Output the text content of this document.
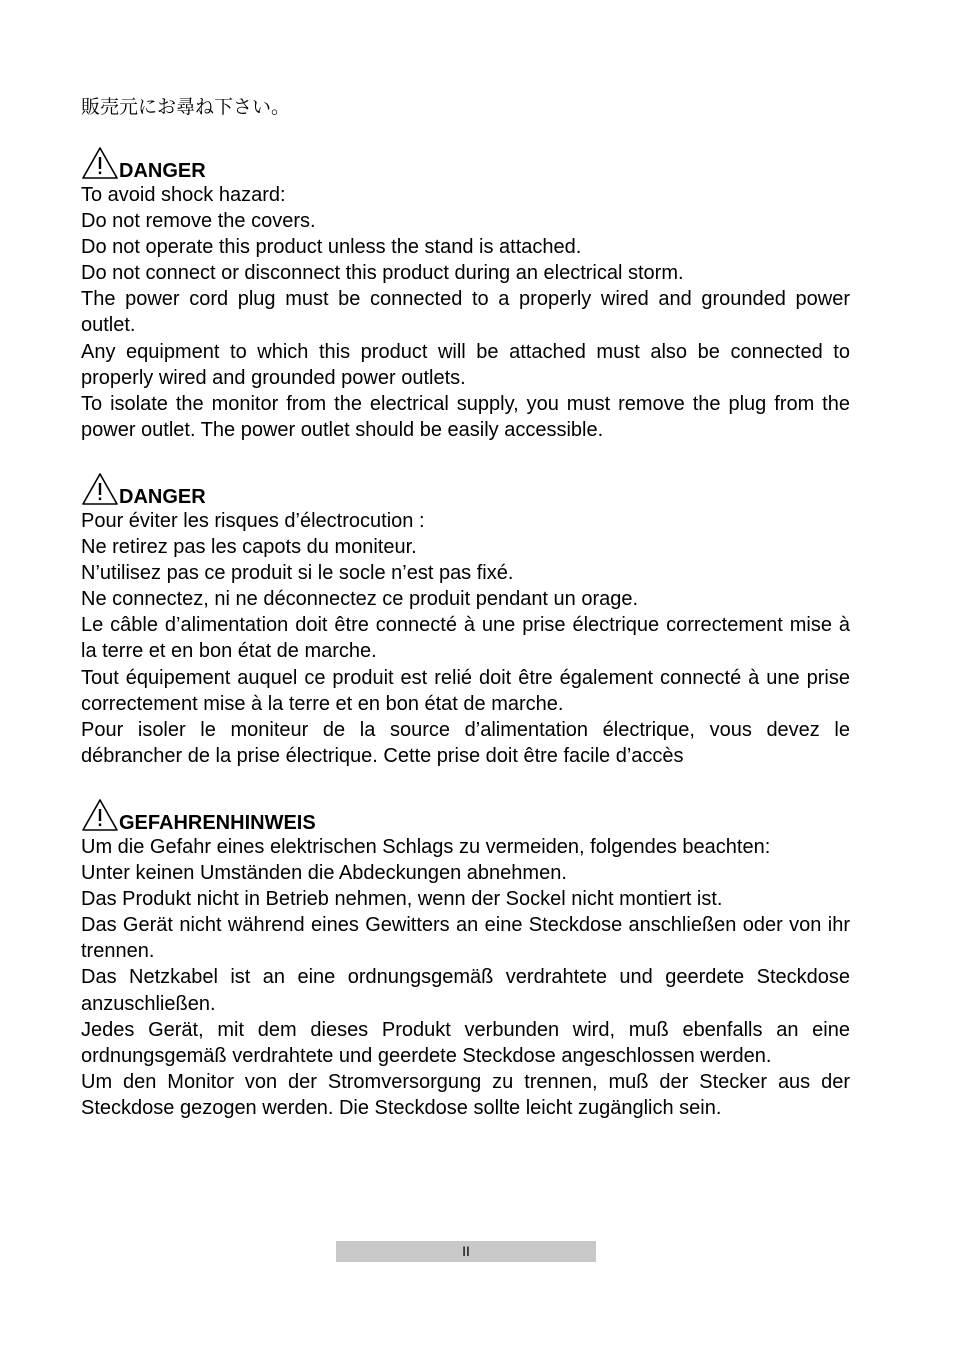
販売元にお尋ね下さい。
DANGER

To avoid shock hazard:

Do not remove the covers.

Do not operate this product unless the stand is attached.

Do not connect or disconnect this product during an electrical storm.

The power cord plug must be connected to a properly wired and grounded power outlet.

Any equipment to which this product will be attached must also be connected to properly wired and grounded power outlets.

To isolate the monitor from the electrical supply, you must remove the plug from the power outlet. The power outlet should be easily accessible.

DANGER

Pour éviter les risques d’électrocution :

Ne retirez pas les capots du moniteur.

N’utilisez pas ce produit si le socle n’est pas fixé.

Ne connectez, ni ne déconnectez ce produit pendant un orage.

Le câble d’alimentation doit être connecté à une prise électrique correctement mise à la terre et en bon état de marche.

Tout équipement auquel ce produit est relié doit être également connecté à une prise correctement mise à la terre et en bon état de marche.

Pour isoler le moniteur de la source d’alimentation électrique, vous devez le débrancher de la prise électrique. Cette prise doit être facile d’accès

GEFAHRENHINWEIS

Um die Gefahr eines elektrischen Schlags zu vermeiden, folgendes beachten:

Unter keinen Umständen die Abdeckungen abnehmen.

Das Produkt nicht in Betrieb nehmen, wenn der Sockel nicht montiert ist.

Das Gerät nicht während eines Gewitters an eine Steckdose anschließen oder von ihr trennen.

Das Netzkabel ist an eine ordnungsgemäß verdrahtete und geerdete Steckdose anzuschließen.

Jedes Gerät, mit dem dieses Produkt verbunden wird, muß ebenfalls an eine ordnungsgemäß verdrahtete und geerdete Steckdose angeschlossen werden.

Um den Monitor von der Stromversorgung zu trennen, muß der Stecker aus der Steckdose gezogen werden. Die Steckdose sollte leicht zugänglich sein.

II
